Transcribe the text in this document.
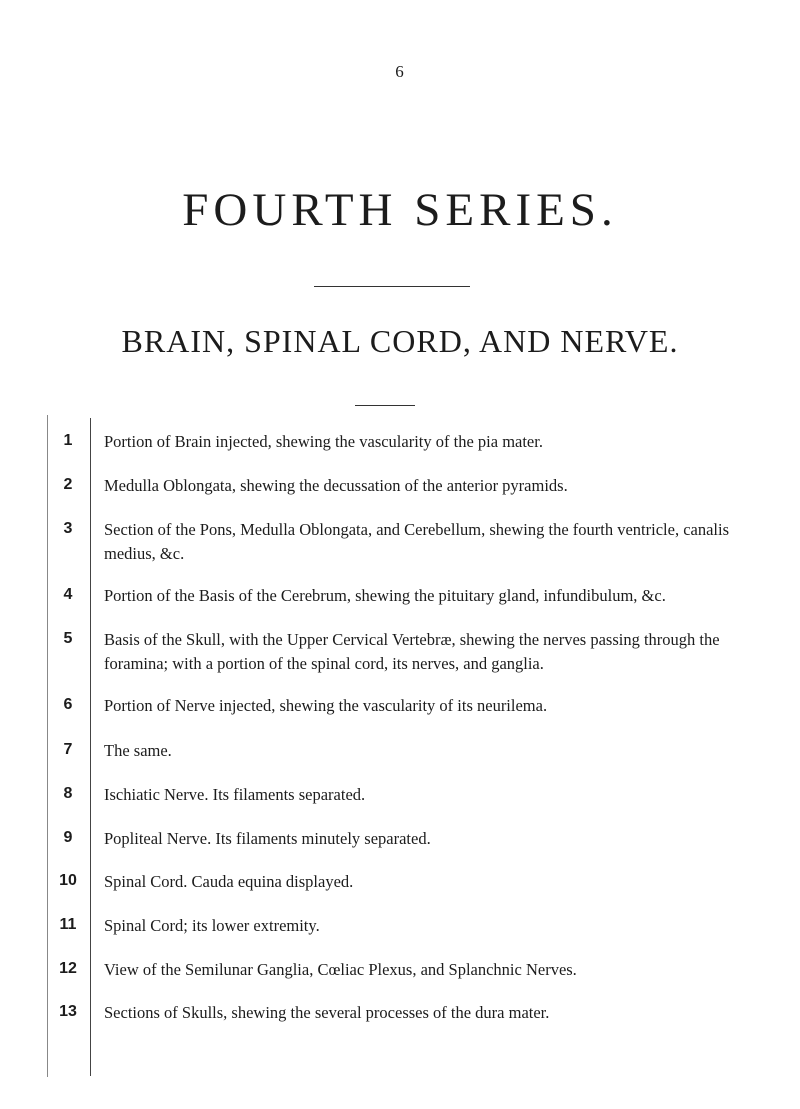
6
FOURTH SERIES.
BRAIN, SPINAL CORD, AND NERVE.
1	Portion of Brain injected, shewing the vascularity of the pia mater.
2	Medulla Oblongata, shewing the decussation of the anterior pyramids.
3	Section of the Pons, Medulla Oblongata, and Cerebellum, shewing the fourth ventricle, canalis medius, &c.
4	Portion of the Basis of the Cerebrum, shewing the pituitary gland, infundibulum, &c.
5	Basis of the Skull, with the Upper Cervical Vertebræ, shewing the nerves passing through the foramina; with a portion of the spinal cord, its nerves, and ganglia.
6	Portion of Nerve injected, shewing the vascularity of its neurilema.
7	The same.
8	Ischiatic Nerve. Its filaments separated.
9	Popliteal Nerve. Its filaments minutely separated.
10	Spinal Cord. Cauda equina displayed.
11	Spinal Cord; its lower extremity.
12	View of the Semilunar Ganglia, Cœliac Plexus, and Splanchnic Nerves.
13	Sections of Skulls, shewing the several processes of the dura mater.
